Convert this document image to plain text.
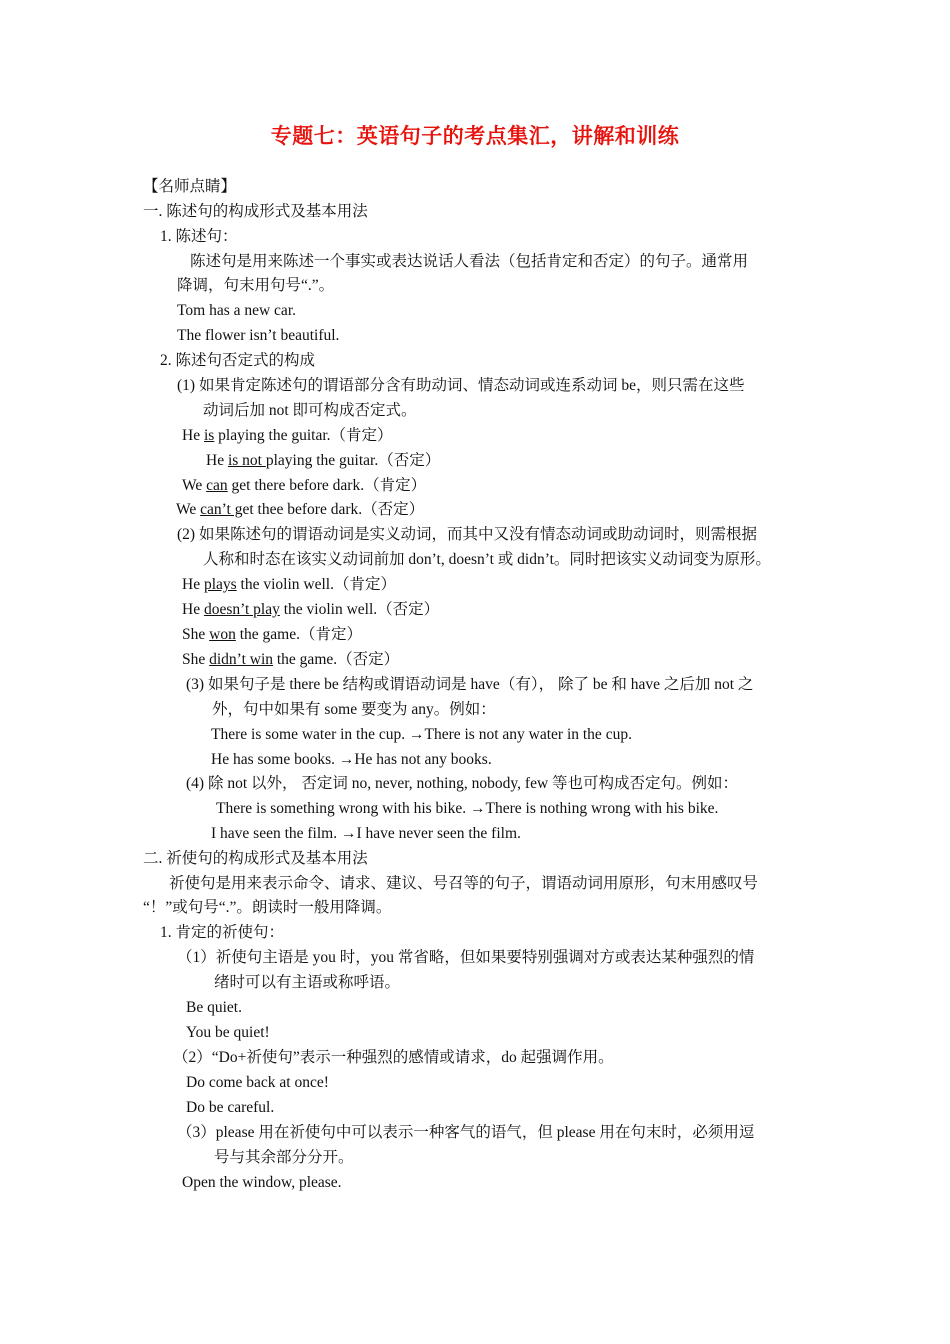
专题七：英语句子的考点集汇，讲解和训练
【名师点睛】
一. 陈述句的构成形式及基本用法
1. 陈述句：
陈述句是用来陈述一个事实或表达说话人看法（包括肯定和否定）的句子。通常用
降调，句末用句号“.”。
Tom has a new car.
The flower isn’t beautiful.
2. 陈述句否定式的构成
(1) 如果肯定陈述句的谓语部分含有助动词、情态动词或连系动词 be，则只需在这些
动词后加 not 即可构成否定式。
He is playing the guitar.（肯定）
He is not playing the guitar.（否定）
We can get there before dark.（肯定）
We can’t get thee before dark.（否定）
(2) 如果陈述句的谓语动词是实义动词，而其中又没有情态动词或助动词时，则需根据
人称和时态在该实义动词前加 don’t, doesn’t 或 didn’t。同时把该实义动词变为原形。
He plays the violin well.（肯定）
He doesn’t play the violin well.（否定）
She won the game.（肯定）
She didn’t win the game.（否定）
(3) 如果句子是 there be 结构或谓语动词是 have（有）， 除了 be 和 have 之后加 not 之
外，句中如果有 some 要变为 any。例如：
There is some water in the cup. →There is not any water in the cup.
He has some books. →He has not any books.
(4) 除 not 以外， 否定词 no, never, nothing, nobody, few 等也可构成否定句。例如：
There is something wrong with his bike. →There is nothing wrong with his bike.
I have seen the film. →I have never seen the film.
二. 祈使句的构成形式及基本用法
祈使句是用来表示命令、请求、建议、号召等的句子，谓语动词用原形，句末用感叹号
“！”或句号“.”。朗读时一般用降调。
1. 肯定的祈使句：
（1）祈使句主语是 you 时，you 常省略，但如果要特别强调对方或表达某种强烈的情
绪时可以有主语或称呼语。
Be quiet.
You be quiet!
（2）“Do+祈使句”表示一种强烈的感情或请求，do 起强调作用。
Do come back at once!
Do be careful.
（3）please 用在祈使句中可以表示一种客气的语气，但 please 用在句末时，必须用逗
号与其余部分分开。
Open the window, please.
